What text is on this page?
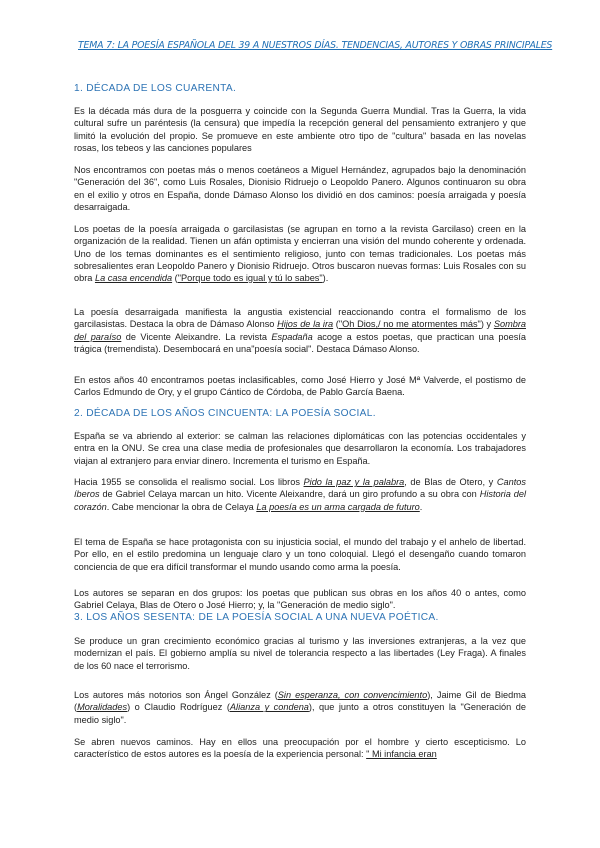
TEMA 7: LA POESÍA ESPAÑOLA DEL 39 A NUESTROS DÍAS. TENDENCIAS, AUTORES Y OBRAS PRINCIPALES
1. DÉCADA DE LOS CUARENTA.

Es la década más dura de la posguerra y coincide con la Segunda Guerra Mundial. Tras la Guerra, la vida cultural sufre un paréntesis (la censura) que impedía la recepción general del pensamiento extranjero y que limitó la evolución del propio. Se promueve en este ambiente otro tipo de "cultura" basada en las novelas rosas, los tebeos y las canciones populares

Nos encontramos con poetas más o menos coetáneos a Miguel Hernández, agrupados bajo la denominación "Generación del 36", como Luis Rosales, Dionisio Ridruejo o Leopoldo Panero. Algunos continuaron su obra en el exilio y otros en España, donde Dámaso Alonso los dividió en dos caminos: poesía arraigada y poesía desarraigada.

Los poetas de la poesía arraigada o garcilasistas (se agrupan en torno a la revista Garcilaso) creen en la organización de la realidad. Tienen un afán optimista y encierran una visión del mundo coherente y ordenada. Uno de los temas dominantes es el sentimiento religioso, junto con temas tradicionales. Los poetas más sobresalientes eran Leopoldo Panero y Dionisio Ridruejo. Otros buscaron nuevas formas: Luis Rosales con su obra La casa encendida ("Porque todo es igual y tú lo sabes").

La poesía desarraigada manifiesta la angustia existencial reaccionando contra el formalismo de los garcilasistas. Destaca la obra de Dámaso Alonso Hijos de la ira ("Oh Dios,/ no me atormentes más") y Sombra del paraíso de Vicente Aleixandre. La revista Espadaña acoge a estos poetas, que practican una poesía trágica (tremendista). Desembocará en una"poesía social". Destaca Dámaso Alonso.

En estos años 40 encontramos poetas inclasificables, como José Hierro y José Mª Valverde, el postismo de Carlos Edmundo de Ory, y el grupo Cántico de Córdoba, de Pablo García Baena.

2. DÉCADA DE LOS AÑOS CINCUENTA: LA POESÍA SOCIAL.

España se va abriendo al exterior: se calman las relaciones diplomáticas con las potencias occidentales y entra en la ONU. Se crea una clase media de profesionales que desarrollaron la economía. Los trabajadores viajan al extranjero para enviar dinero. Incrementa el turismo en España.

Hacia 1955 se consolida el realismo social. Los libros Pido la paz y la palabra, de Blas de Otero, y Cantos íberos de Gabriel Celaya marcan un hito. Vicente Aleixandre, dará un giro profundo a su obra con Historia del corazón. Cabe mencionar la obra de Celaya La poesía es un arma cargada de futuro.

El tema de España se hace protagonista con su injusticia social, el mundo del trabajo y el anhelo de libertad. Por ello, en el estilo predomina un lenguaje claro y un tono coloquial. Llegó el desengaño cuando tomaron conciencia de que era difícil transformar el mundo usando como arma la poesía.

Los autores se separan en dos grupos: los poetas que publican sus obras en los años 40 o antes, como Gabriel Celaya, Blas de Otero o José Hierro; y, la "Generación de medio siglo".

3. LOS AÑOS SESENTA: DE LA POESÍA SOCIAL A UNA NUEVA POÉTICA.

Se produce un gran crecimiento económico gracias al turismo y las inversiones extranjeras, a la vez que modernizan el país. El gobierno amplía su nivel de tolerancia respecto a las libertades (Ley Fraga). A finales de los 60 nace el terrorismo.

Los autores más notorios son Ángel González (Sin esperanza, con convencimiento), Jaime Gil de Biedma (Moralidades) o Claudio Rodríguez (Alianza y condena), que junto a otros constituyen la "Generación de medio siglo".

Se abren nuevos caminos. Hay en ellos una preocupación por el hombre y cierto escepticismo. Lo característico de estos autores es la poesía de la experiencia personal: " Mi infancia eran
